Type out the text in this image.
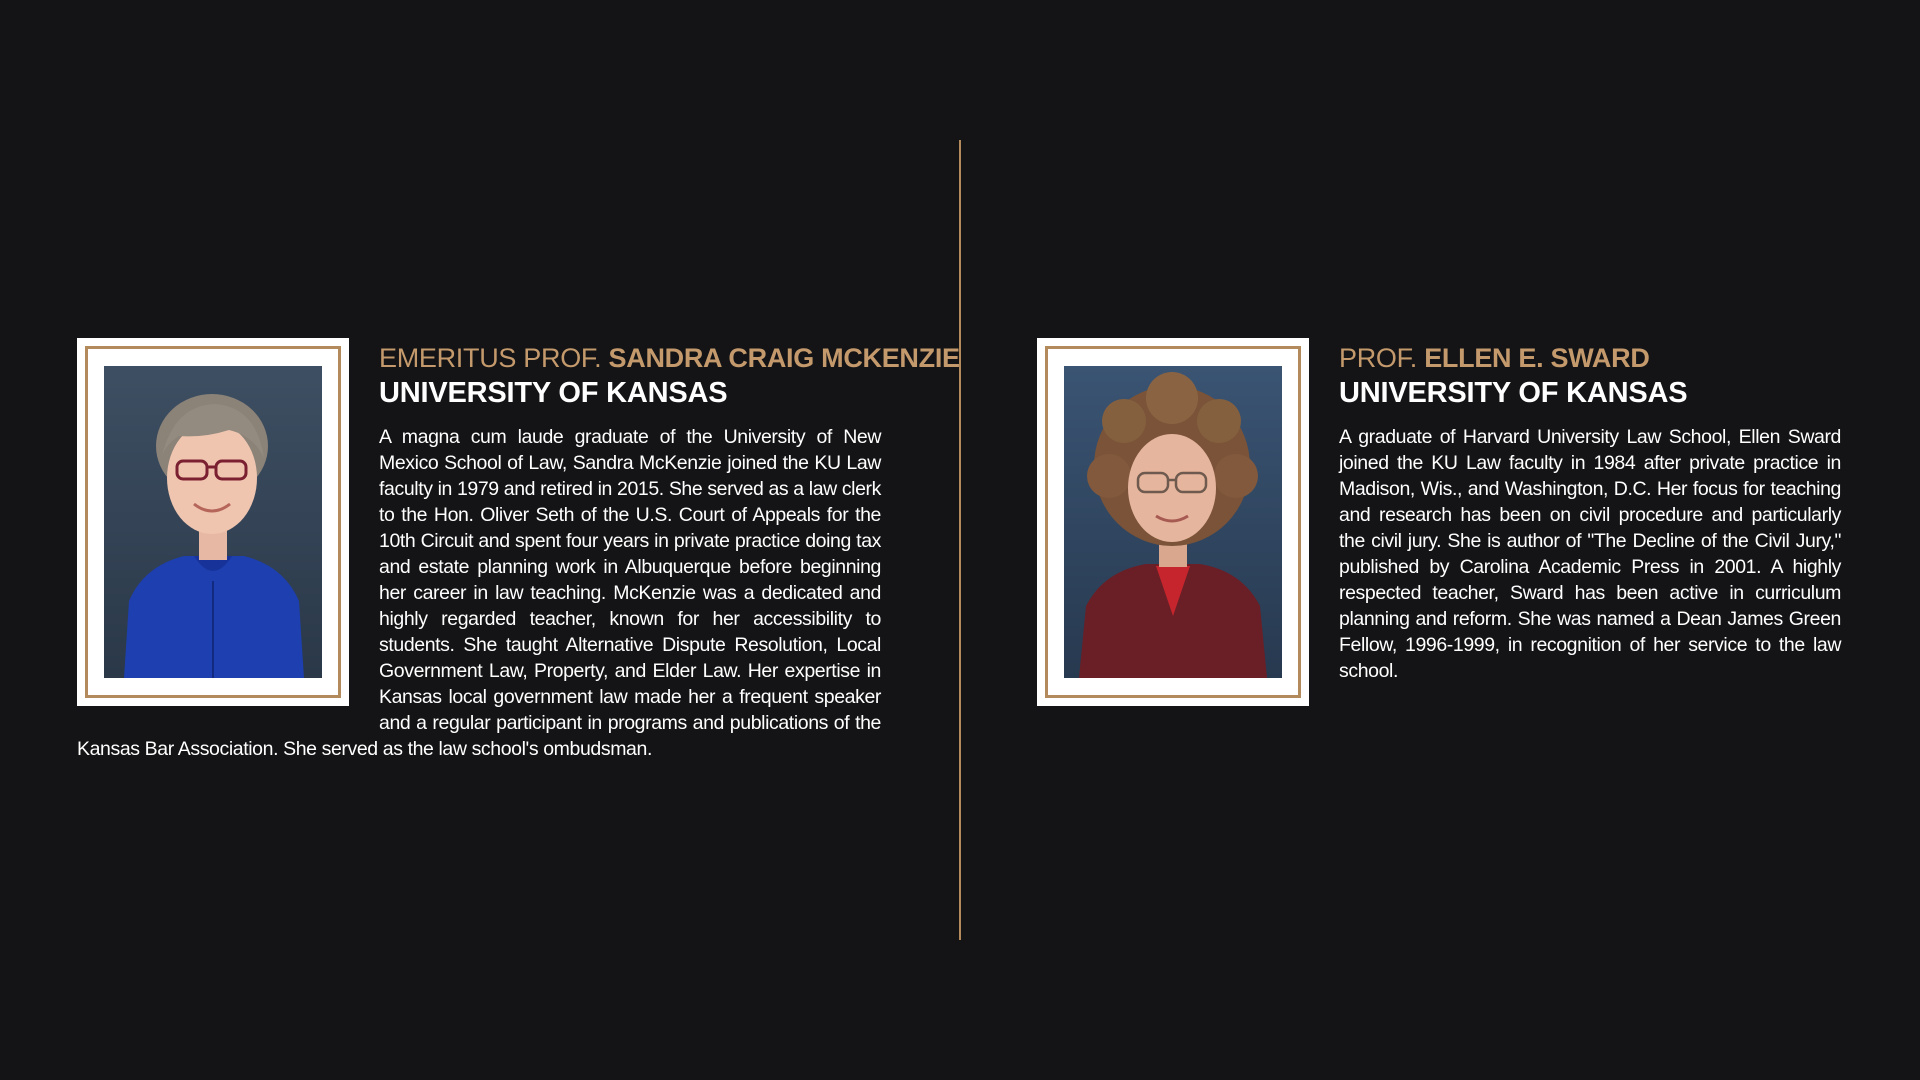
EMERITUS PROF. SANDRA CRAIG MCKENZIE

UNIVERSITY OF KANSAS

A magna cum laude graduate of the University of New Mexico School of Law, Sandra McKenzie joined the KU Law faculty in 1979 and retired in 2015. She served as a law clerk to the Hon. Oliver Seth of the U.S. Court of Appeals for the 10th Circuit and spent four years in private practice doing tax and estate planning work in Albuquerque before beginning her career in law teaching. McKenzie was a dedicated and highly regarded teacher, known for her accessibility to students. She taught Alternative Dispute Resolution, Local Government Law, Property, and Elder Law. Her expertise in Kansas local government law made her a frequent speaker and a regular participant in programs and publications of the Kansas Bar Association. She served as the law school's ombudsman.

PROF. ELLEN E. SWARD

UNIVERSITY OF KANSAS

A graduate of Harvard University Law School, Ellen Sward joined the KU Law faculty in 1984 after private practice in Madison, Wis., and Washington, D.C. Her focus for teaching and research has been on civil procedure and particularly the civil jury. She is author of "The Decline of the Civil Jury," published by Carolina Academic Press in 2001. A highly respected teacher, Sward has been active in curriculum planning and reform. She was named a Dean James Green Fellow, 1996-1999, in recognition of her service to the law school.
